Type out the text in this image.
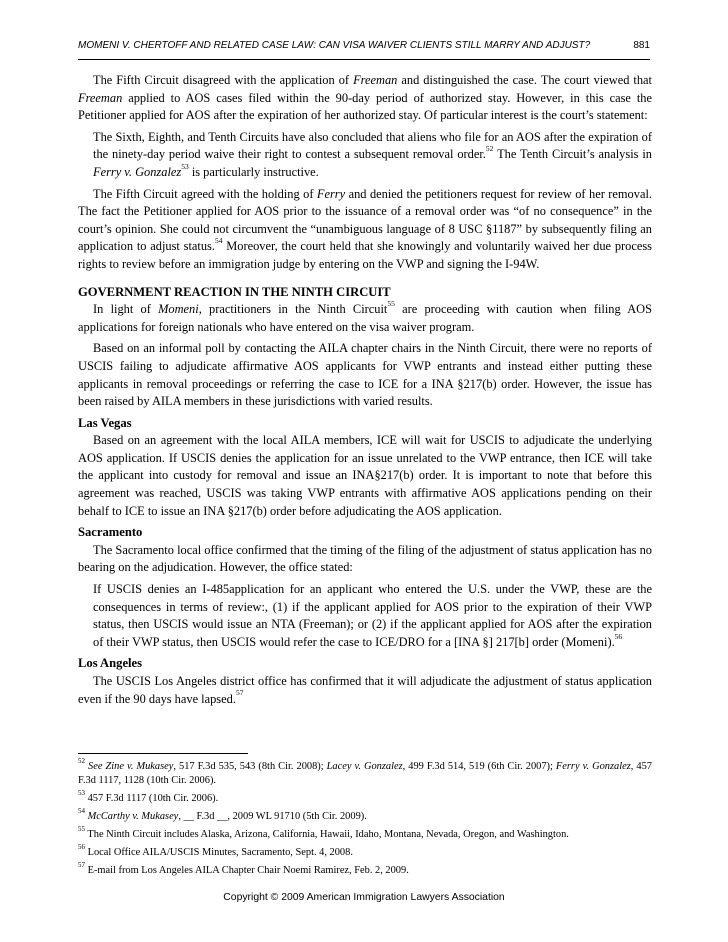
MOMENI V. CHERTOFF AND RELATED CASE LAW: CAN VISA WAIVER CLIENTS STILL MARRY AND ADJUST?	881

The Fifth Circuit disagreed with the application of Freeman and distinguished the case. The court viewed that Freeman applied to AOS cases filed within the 90-day period of authorized stay. However, in this case the Petitioner applied for AOS after the expiration of her authorized stay. Of particular interest is the court’s statement:

The Sixth, Eighth, and Tenth Circuits have also concluded that aliens who file for an AOS after the expiration of the ninety-day period waive their right to contest a subsequent removal order.$^{52}$ The Tenth Circuit’s analysis in Ferry v. Gonzalez$^{53}$ is particularly instructive.

The Fifth Circuit agreed with the holding of Ferry and denied the petitioners request for review of her removal. The fact the Petitioner applied for AOS prior to the issuance of a removal order was “of no consequence” in the court’s opinion. She could not circumvent the “unambiguous language of 8 USC §1187” by subsequently filing an application to adjust status.$^{54}$ Moreover, the court held that she knowingly and voluntarily waived her due process rights to review before an immigration judge by entering on the VWP and signing the I-94W.

GOVERNMENT REACTION IN THE NINTH CIRCUIT

In light of Momeni, practitioners in the Ninth Circuit$^{55}$ are proceeding with caution when filing AOS applications for foreign nationals who have entered on the visa waiver program.

Based on an informal poll by contacting the AILA chapter chairs in the Ninth Circuit, there were no reports of USCIS failing to adjudicate affirmative AOS applicants for VWP entrants and instead either putting these applicants in removal proceedings or referring the case to ICE for a INA §217(b) order. However, the issue has been raised by AILA members in these jurisdictions with varied results.

Las Vegas

Based on an agreement with the local AILA members, ICE will wait for USCIS to adjudicate the underlying AOS application. If USCIS denies the application for an issue unrelated to the VWP entrance, then ICE will take the applicant into custody for removal and issue an INA§217(b) order. It is important to note that before this agreement was reached, USCIS was taking VWP entrants with affirmative AOS applications pending on their behalf to ICE to issue an INA §217(b) order before adjudicating the AOS application.

Sacramento

The Sacramento local office confirmed that the timing of the filing of the adjustment of status application has no bearing on the adjudication. However, the office stated:

If USCIS denies an I-485application for an applicant who entered the U.S. under the VWP, these are the consequences in terms of review:, (1) if the applicant applied for AOS prior to the expiration of their VWP status, then USCIS would issue an NTA (Freeman); or (2) if the applicant applied for AOS after the expiration of their VWP status, then USCIS would refer the case to ICE/DRO for a [INA §] 217[b] order (Momeni).$^{56}$

Los Angeles

The USCIS Los Angeles district office has confirmed that it will adjudicate the adjustment of status application even if the 90 days have lapsed.$^{57}$

$^{52}$ See Zine v. Mukasey, 517 F.3d 535, 543 (8th Cir. 2008); Lacey v. Gonzalez, 499 F.3d 514, 519 (6th Cir. 2007); Ferry v. Gonzalez, 457 F.3d 1117, 1128 (10th Cir. 2006).

$^{53}$ 457 F.3d 1117 (10th Cir. 2006).

$^{54}$ McCarthy v. Mukasey, __ F.3d __, 2009 WL 91710 (5th Cir. 2009).

$^{55}$ The Ninth Circuit includes Alaska, Arizona, California, Hawaii, Idaho, Montana, Nevada, Oregon, and Washington.

$^{56}$ Local Office AILA/USCIS Minutes, Sacramento, Sept. 4, 2008.

$^{57}$ E-mail from Los Angeles AILA Chapter Chair Noemi Ramirez, Feb. 2, 2009.

Copyright © 2009 American Immigration Lawyers Association
